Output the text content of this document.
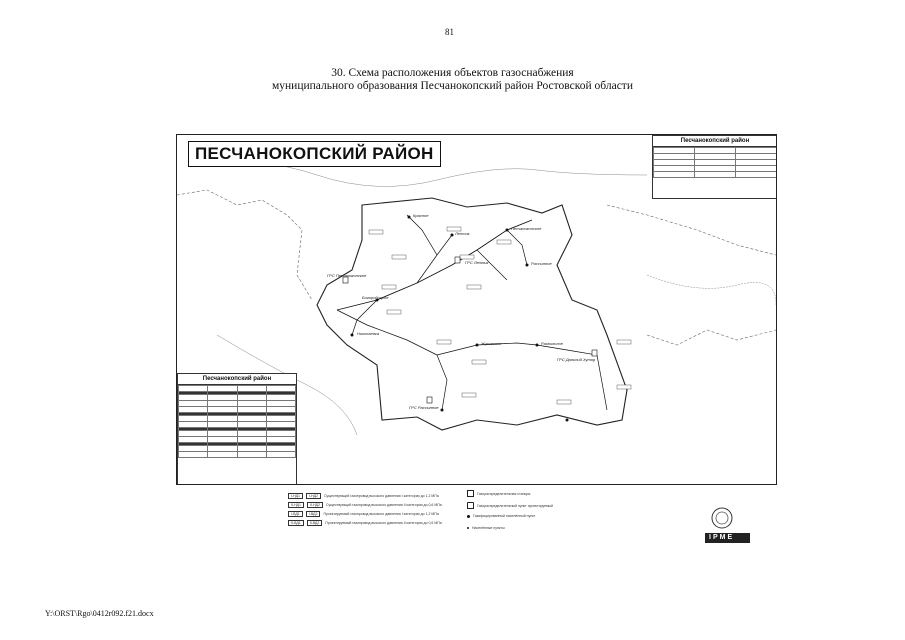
81
30. Схема расположения объектов газоснабжения
муниципального образования Песчанокопский район Ростовской области
ПЕСЧАНОКОПСКИЙ РАЙОН
Песчанокопский район

Песчанокопский район

ГРС Песчанокопское
ГРС Летник
ГРС Дальний Хутор
ГРС Рассыпное
Красное
Летник
Богородицкое
Песчанокопское
Рассыпное
Жуковское	Развильное
Николаевка
I-НД1	I-НД2	Существующий газопровод высокого давления I категории до 1,2 МПа
II-НД1	II-НД2	Существующий газопровод высокого давления II категории до 0,6 МПа
I-ВД1	I-ВД2	Проектируемый газопровод высокого давления I категории до 1,2 МПа
II-ВД1	II-ВД2	Проектируемый газопровод высокого давления II категории до 0,6 МПа
Газораспределительная станция
Газораспределительный пункт проектируемый
Газифицированный населённый пункт
Населённые пункты
IPME
Y:\ORST\Rgo\0412r092.f21.docx
